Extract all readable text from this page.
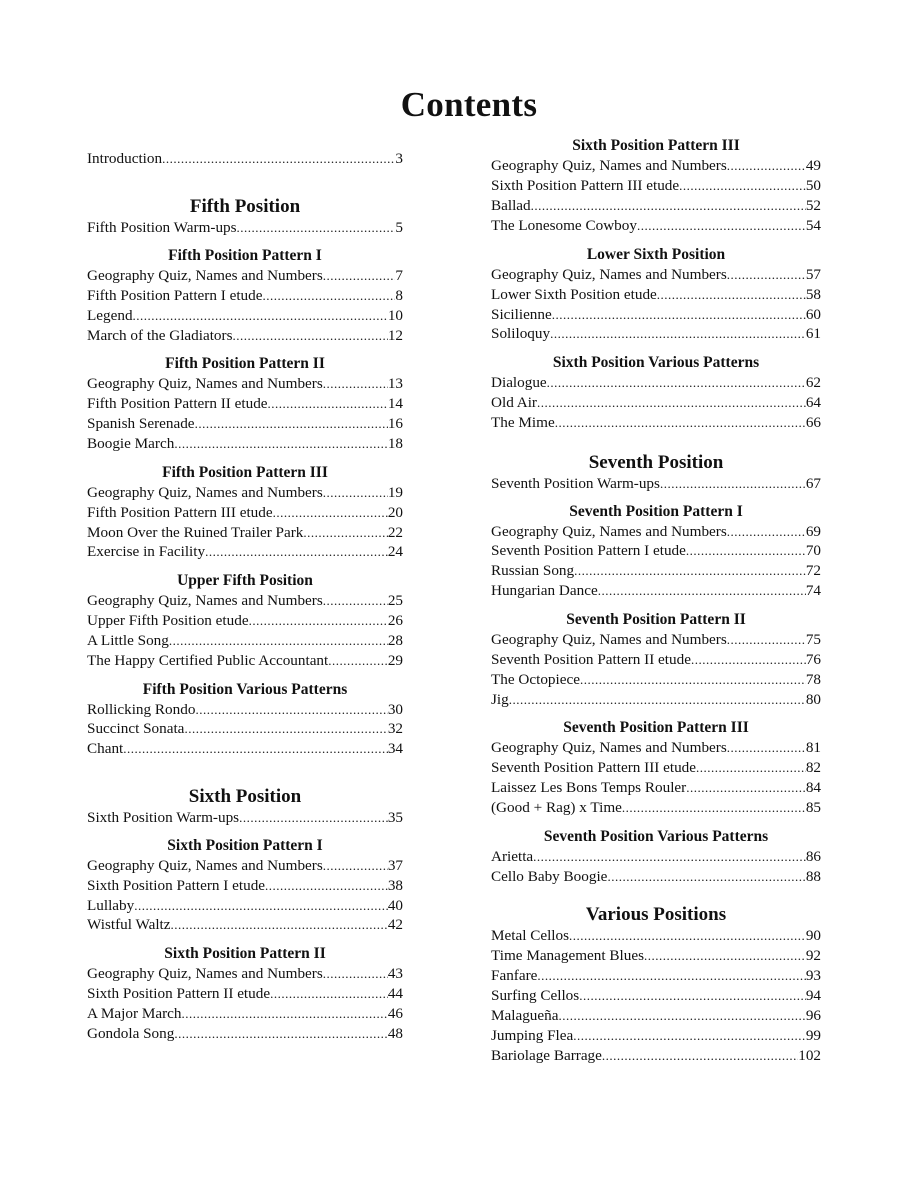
Contents
Introduction .....	3
Fifth Position
Fifth Position Warm-ups .....	5
Fifth Position Pattern I
Geography Quiz, Names and Numbers .....	7
Fifth Position Pattern I etude .....	8
Legend .....	10
March of the Gladiators .....	12
Fifth Position Pattern II
Geography Quiz, Names and Numbers .....	13
Fifth Position Pattern II etude .....	14
Spanish Serenade .....	16
Boogie March .....	18
Fifth Position Pattern III
Geography Quiz, Names and Numbers .....	19
Fifth Position Pattern III etude .....	20
Moon Over the Ruined Trailer Park .....	22
Exercise in Facility .....	24
Upper Fifth Position
Geography Quiz, Names and Numbers .....	25
Upper Fifth Position etude .....	26
A Little Song .....	28
The Happy Certified Public Accountant .....	29
Fifth Position Various Patterns
Rollicking Rondo .....	30
Succinct Sonata .....	32
Chant .....	34
Sixth Position
Sixth Position Warm-ups .....	35
Sixth Position Pattern I
Geography Quiz, Names and Numbers .....	37
Sixth Position Pattern I etude .....	38
Lullaby .....	40
Wistful Waltz .....	42
Sixth Position Pattern II
Geography Quiz, Names and Numbers .....	43
Sixth Position Pattern II etude .....	44
A Major March .....	46
Gondola Song .....	48
Sixth Position Pattern III
Geography Quiz, Names and Numbers .....	49
Sixth Position Pattern III etude .....	50
Ballad .....	52
The Lonesome Cowboy .....	54
Lower Sixth Position
Geography Quiz, Names and Numbers .....	57
Lower Sixth Position etude .....	58
Sicilienne .....	60
Soliloquy .....	61
Sixth Position Various Patterns
Dialogue .....	62
Old Air .....	64
The Mime .....	66
Seventh Position
Seventh Position Warm-ups .....	67
Seventh Position Pattern I
Geography Quiz, Names and Numbers .....	69
Seventh Position Pattern I etude .....	70
Russian Song .....	72
Hungarian Dance .....	74
Seventh Position Pattern II
Geography Quiz, Names and Numbers .....	75
Seventh Position Pattern II etude .....	76
The Octopiece .....	78
Jig .....	80
Seventh Position Pattern III
Geography Quiz, Names and Numbers .....	81
Seventh Position Pattern III etude .....	82
Laissez Les Bons Temps Rouler .....	84
(Good + Rag) x Time .....	85
Seventh Position Various Patterns
Arietta .....	86
Cello Baby Boogie .....	88
Various Positions
Metal Cellos .....	90
Time Management Blues .....	92
Fanfare .....	93
Surfing Cellos .....	94
Malagueña .....	96
Jumping Flea .....	99
Bariolage Barrage .....	102
